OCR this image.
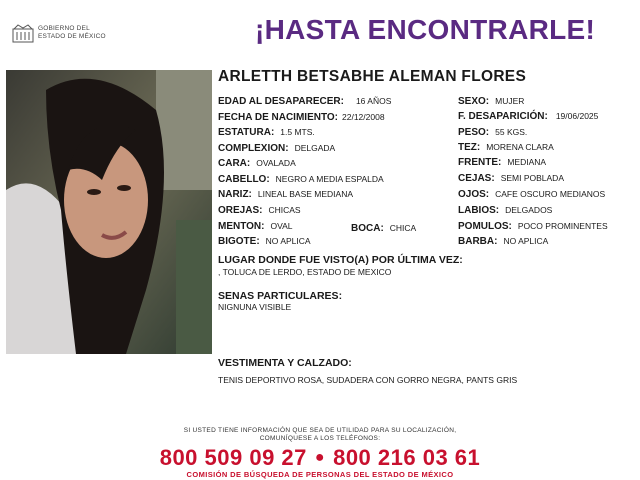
GOBIERNO DEL
ESTADO DE MÉXICO	¡HASTA ENCONTRARLE!
ARLETTH BETSABHE ALEMAN FLORES
EDAD AL DESAPARECER: 16 AÑOS
FECHA DE NACIMIENTO: 22/12/2008
ESTATURA: 1.5 MTS.
COMPLEXION: DELGADA
CARA: OVALADA
CABELLO: NEGRO A MEDIA ESPALDA
NARIZ: LINEAL BASE MEDIANA
OREJAS: CHICAS
MENTON: OVAL	BOCA: CHICA
BIGOTE: NO APLICA
SEXO: MUJER
F. DESAPARICIÓN: 19/06/2025
PESO: 55 KGS.
TEZ: MORENA CLARA
FRENTE: MEDIANA
CEJAS: SEMI POBLADA
OJOS: CAFE OSCURO MEDIANOS
LABIOS: DELGADOS
POMULOS: POCO PROMINENTES
BARBA: NO APLICA
LUGAR DONDE FUE VISTO(A) POR ÚLTIMA VEZ:
, TOLUCA DE LERDO, ESTADO DE MEXICO
SENAS PARTICULARES:
NIGNUNA VISIBLE
VESTIMENTA Y CALZADO:
TENIS DEPORTIVO ROSA, SUDADERA CON GORRO NEGRA, PANTS GRIS
SI USTED TIENE INFORMACIÓN QUE SEA DE UTILIDAD PARA SU LOCALIZACIÓN,
COMUNÍQUESE A LOS TELÉFONOS:
800 509 09 27 ● 800 216 03 61
COMISIÓN DE BÚSQUEDA DE PERSONAS DEL ESTADO DE MÉXICO
